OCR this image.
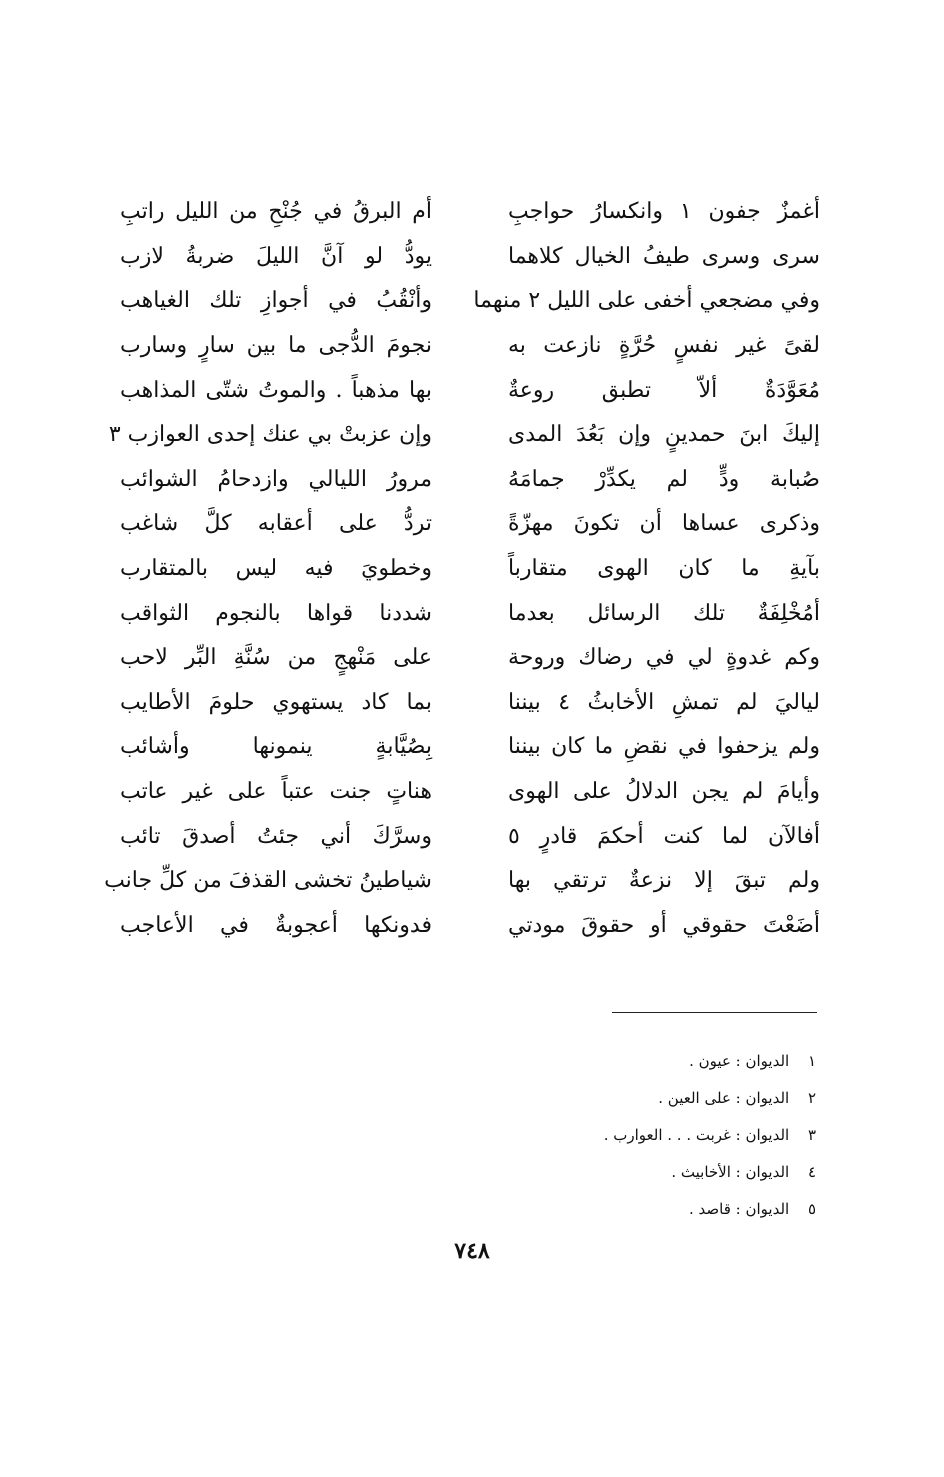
أغمزٌ جفون ١ وانكسارُ حواجبِ
أم البرقُ في جُنْحِ من الليل راتبِ
سرى وسرى طيفُ الخيال كلاهما
يودُّ لو آنَّ الليلَ ضربةُ لازب
وفي مضجعي أخفى على الليل ٢ منهما
وأنْقُبُ في أجوازِ تلك الغياهب
لقىً غير نفسٍ حُرَّةٍ نازعت به
نجومَ الدُّجى ما بين سارٍ وسارب
مُعَوَّدَةٌ ألاّ تطبق روعةٌ
بها مذهباً . والموتُ شتّى المذاهب
إليكَ ابنَ حمدينٍ وإن بَعُدَ المدى
وإن عزبتْ بي عنك إحدى العوازب ٣
صُبابة ودٍّ لم يكدِّرْ جمامَهُ
مرورُ الليالي وازدحامُ الشوائب
وذكرى عساها أن تكونَ مهزّةً
تردُّ على أعقابه كلَّ شاغب
بآيةِ ما كان الهوى متقارباً
وخطويَ فيه ليس بالمتقارب
أمُخْلِفَةٌ تلك الرسائل بعدما
شددنا قواها بالنجوم الثواقب
وكم غدوةٍ لي في رضاك وروحة
على مَنْهجٍ من سُنَّةِ البِّر لاحب
لياليَ لم تمشِ الأخابثُ ٤ بيننا
بما كاد يستهوي حلومَ الأطايب
ولم يزحفوا في نقضِ ما كان بيننا
بِصُيَّابةٍ ينمونها وأشائب
وأيامَ لم يجن الدلالُ على الهوى
هناتٍ جنت عتباً على غير عاتب
أفالآن لما كنت أحكمَ قادرٍ ٥
وسرَّكَ أني جئتُ أصدقَ تائب
ولم تبقَ إلا نزعةٌ ترتقي بها
شياطينُ تخشى القذفَ من كلِّ جانب
أضَعْتَ حقوقي أو حقوقَ مودتي
فدونكها أعجوبةٌ في الأعاجب
١ الديوان : عيون .
٢ الديوان : على العين .
٣ الديوان : غربت . . . العوارب .
٤ الديوان : الأخابيث .
٥ الديوان : قاصد .
٧٤٨
